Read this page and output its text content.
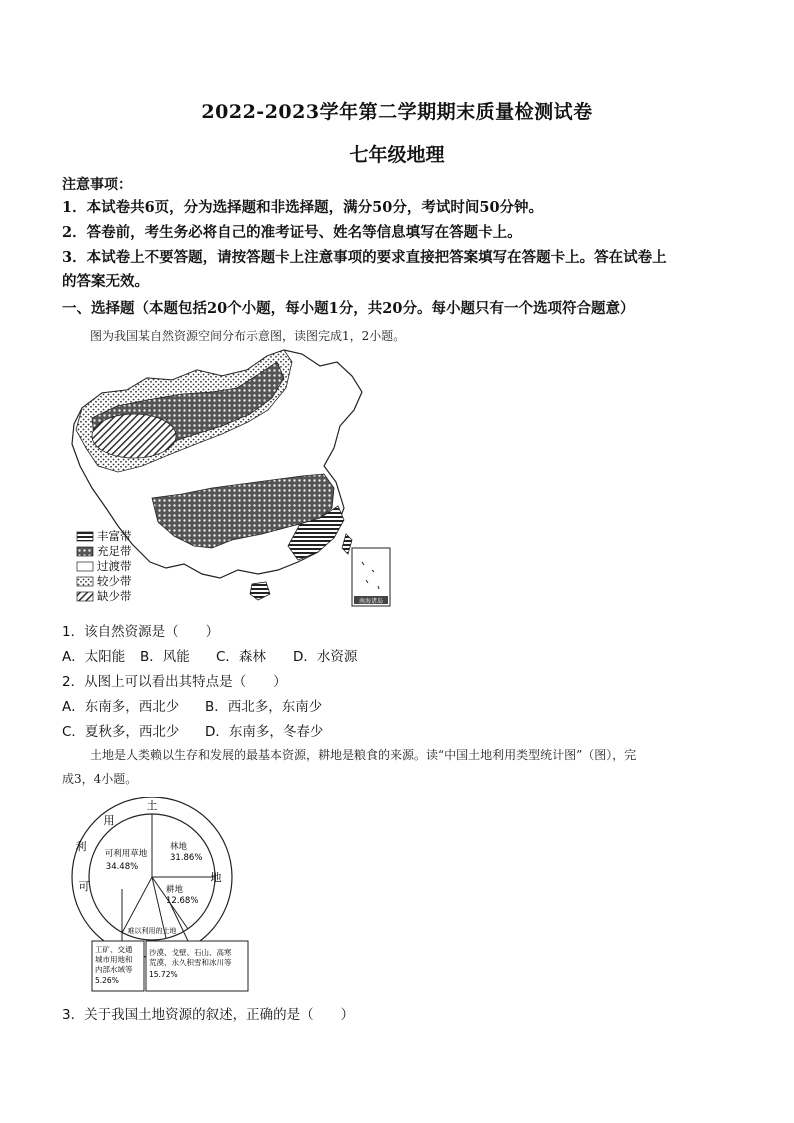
2022-2023学年第二学期期末质量检测试卷
七年级地理
注意事项：
1．本试卷共6页，分为选择题和非选择题，满分50分，考试时间50分钟。
2．答卷前，考生务必将自己的准考证号、姓名等信息填写在答题卡上。
3．本试卷上不要答题，请按答题卡上注意事项的要求直接把答案填写在答题卡上。答在试卷上
的答案无效。
一、选择题（本题包括20个小题，每小题1分，共20分。每小题只有一个选项符合题意）
图为我国某自然资源空间分布示意图，读图完成1，2小题。
南海诸岛
丰富带
充足带
过渡带
较少带
缺少带
1．该自然资源是（　　）
A．太阳能 B．风能 C．森林 D．水资源
2．从图上可以看出其特点是（　　）
A．东南多，西北少 B．西北多，东南少
C．夏秋多，西北少 D．东南多，冬春少
土地是人类赖以生存和发展的最基本资源，耕地是粮食的来源。读“中国土地利用类型统计图”（图），完
成3，4小题。
土
用
利
可
地
可利用草地
34.48%
林地
31.86%
耕地
12.68%
难以利用的土地
工矿、交通
城市用地和
内部水域等
5.26%
沙漠、戈壁、石山、高寒
荒漠、永久积雪和冰川等
15.72%
3．关于我国土地资源的叙述，正确的是（　　）
